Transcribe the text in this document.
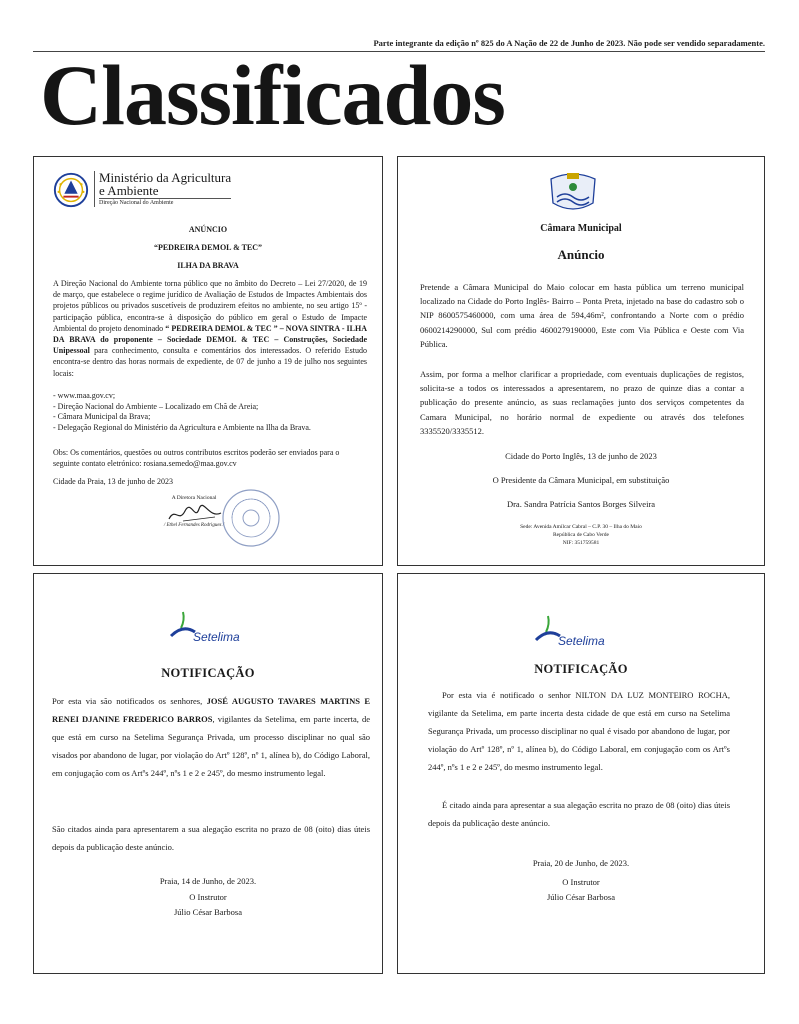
Parte integrante da edição nº 825 do A Nação de 22 de Junho de 2023. Não pode ser vendido separadamente.
Classificados
Ministério da Agricultura
e Ambiente
Direção Nacional do Ambiente
ANÚNCIO
“PEDREIRA DEMOL & TEC”
ILHA DA BRAVA

A Direção Nacional do Ambiente torna público que no âmbito do Decreto – Lei 27/2020, de 19 de março, que estabelece o regime jurídico de Avaliação de Estudos de Impactes Ambientais dos projetos públicos ou privados suscetíveis de produzirem efeitos no ambiente, no seu artigo 15º - participação pública, encontra-se à disposição do público em geral o Estudo de Impacte Ambiental do projeto denominado “ PEDREIRA DEMOL & TEC ” – NOVA SINTRA - ILHA DA BRAVA do proponente – Sociedade DEMOL & TEC – Construções, Sociedade Unipessoal para conhecimento, consulta e comentários dos interessados. O referido Estudo encontra-se dentro das horas normais de expediente, de 07 de junho a 19 de julho nos seguintes locais:

- www.maa.gov.cv;
- Direção Nacional do Ambiente – Localizado em Chã de Areia;
- Câmara Municipal da Brava;
- Delegação Regional do Ministério da Agricultura e Ambiente na Ilha da Brava.

Obs: Os comentários, questões ou outros contributos escritos poderão ser enviados para o seguinte contato eletrónico: rosiana.semedo@maa.gov.cv

Cidade da Praia, 13 de junho de 2023
A Diretora Nacional
/ Ethel Fernandes Rodrigues /
Câmara Municipal
Anúncio

Pretende a Câmara Municipal do Maio colocar em hasta pública um terreno municipal localizado na Cidade do Porto Inglês- Bairro – Ponta Preta, injetado na base do cadastro sob o NIP 8600575460000, com uma área de 594,46m², confrontando a Norte com o prédio 0600214290000, Sul com prédio 4600279190000, Este com Via Pública e Oeste com Via Pública.

Assim, por forma a melhor clarificar a propriedade, com eventuais duplicações de registos, solicita-se a todos os interessados a apresentarem, no prazo de quinze dias a contar a publicação do presente anúncio, as suas reclamações junto dos serviços competentes da Camara Municipal, no horário normal de expediente ou através dos telefones 3335520/3335512.

Cidade do Porto Inglês, 13 de junho de 2023
O Presidente da Câmara Municipal, em substituição
Dra. Sandra Patrícia Santos Borges Silveira
Sede: Avenida Amílcar Cabral – C.P. 30 – Ilha do Maio
República de Cabo Verde
NIF: 351759581
Setelima
NOTIFICAÇÃO

Por esta via são notificados os senhores, JOSÉ AUGUSTO TAVARES MARTINS E RENEI DJANINE FREDERICO BARROS, vigilantes da Setelima, em parte incerta, de que está em curso na Setelima Segurança Privada, um processo disciplinar no qual são visados por abandono de lugar, por violação do Artº 128º, nº 1, alínea b), do Código Laboral, em conjugação com os Artºs 244º, nºs 1 e 2 e 245º, do mesmo instrumento legal.

São citados ainda para apresentarem a sua alegação escrita no prazo de 08 (oito) dias úteis depois da publicação deste anúncio.

Praia, 14 de Junho, de 2023.
O Instrutor
Júlio César Barbosa
Setelima
NOTIFICAÇÃO

Por esta via é notificado o senhor NILTON DA LUZ MONTEIRO ROCHA, vigilante da Setelima, em parte incerta desta cidade de que está em curso na Setelima Segurança Privada, um processo disciplinar no qual é visado por abandono de lugar, por violação do Artº 128º, nº 1, alínea b), do Código Laboral, em conjugação com os Artºs 244º, nºs 1 e 2 e 245º, do mesmo instrumento legal.

É citado ainda para apresentar a sua alegação escrita no prazo de 08 (oito) dias úteis depois da publicação deste anúncio.

Praia, 20 de Junho, de 2023.
O Instrutor
Júlio César Barbosa
